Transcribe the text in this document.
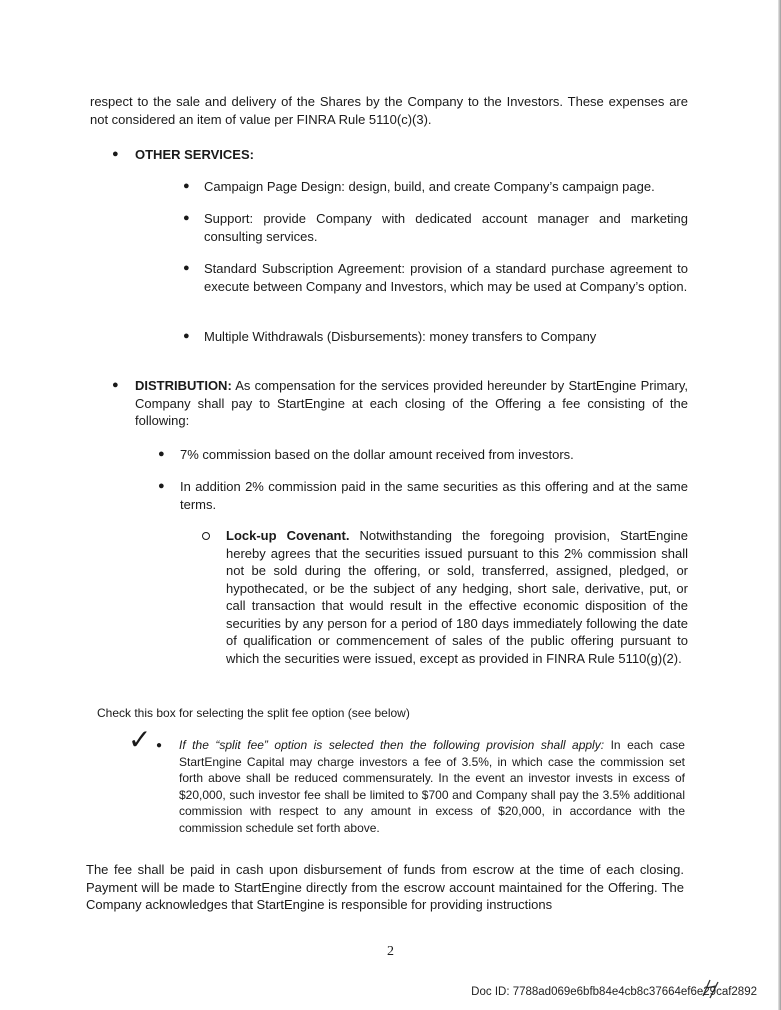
respect to the sale and delivery of the Shares by the Company to the Investors. These expenses are not considered an item of value per FINRA Rule 5110(c)(3).
● OTHER SERVICES:
● Campaign Page Design: design, build, and create Company’s campaign page.
● Support: provide Company with dedicated account manager and marketing consulting services.
● Standard Subscription Agreement: provision of a standard purchase agreement to execute between Company and Investors, which may be used at Company’s option.
● Multiple Withdrawals (Disbursements): money transfers to Company
● DISTRIBUTION: As compensation for the services provided hereunder by StartEngine Primary, Company shall pay to StartEngine at each closing of the Offering a fee consisting of the following:
● 7% commission based on the dollar amount received from investors.
● In addition 2% commission paid in the same securities as this offering and at the same terms.
Lock-up Covenant. Notwithstanding the foregoing provision, StartEngine hereby agrees that the securities issued pursuant to this 2% commission shall not be sold during the offering, or sold, transferred, assigned, pledged, or hypothecated, or be the subject of any hedging, short sale, derivative, put, or call transaction that would result in the effective economic disposition of the securities by any person for a period of 180 days immediately following the date of qualification or commencement of sales of the public offering pursuant to which the securities were issued, except as provided in FINRA Rule 5110(g)(2).
Check this box for selecting the split fee option (see below)
✓ ● If the “split fee” option is selected then the following provision shall apply: In each case StartEngine Capital may charge investors a fee of 3.5%, in which case the commission set forth above shall be reduced commensurately. In the event an investor invests in excess of $20,000, such investor fee shall be limited to $700 and Company shall pay the 3.5% additional commission with respect to any amount in excess of $20,000, in accordance with the commission schedule set forth above.
The fee shall be paid in cash upon disbursement of funds from escrow at the time of each closing. Payment will be made to StartEngine directly from the escrow account maintained for the Offering. The Company acknowledges that StartEngine is responsible for providing instructions
2
Doc ID: 7788ad069e6bfb84e4cb8c37664ef6e29caf2892
